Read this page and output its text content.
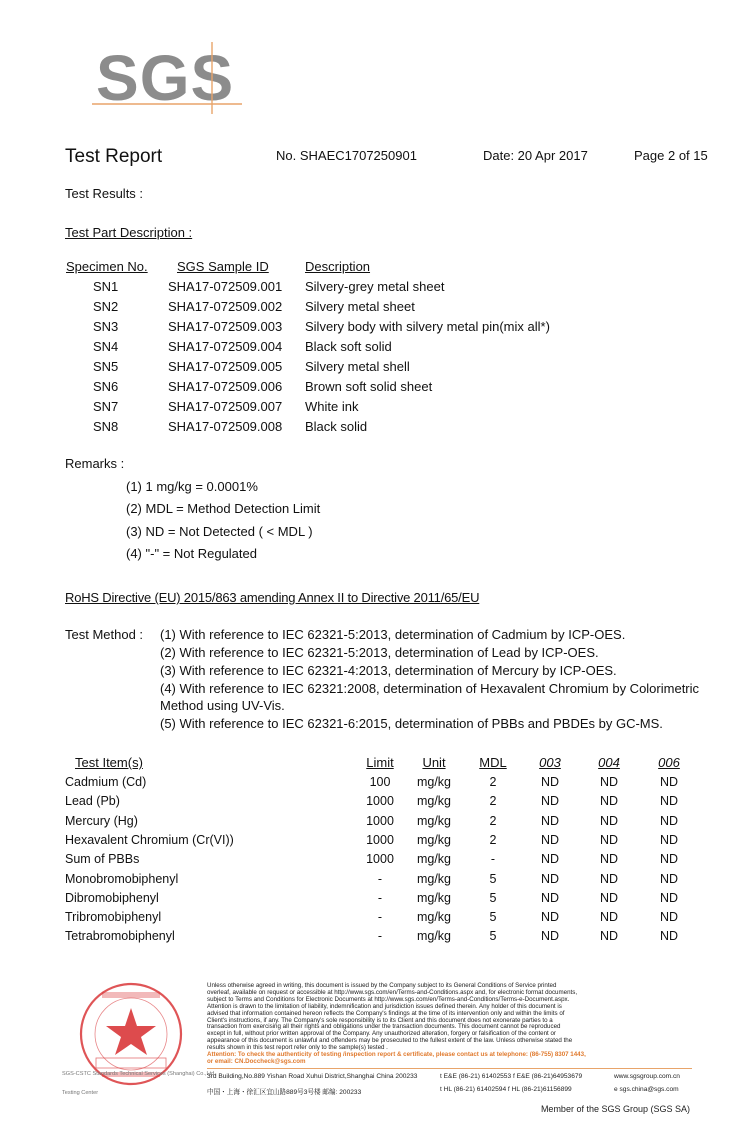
SGS
Test Report	No. SHAEC1707250901	Date: 20 Apr 2017	Page 2 of 15
Test Results :
Test Part Description :
Specimen No. SGS Sample ID	Description
SN1	SHA17-072509.001 Silvery-grey metal sheet
SN2	SHA17-072509.002 Silvery metal sheet
SN3	SHA17-072509.003 Silvery body with silvery metal pin(mix all*)
SN4	SHA17-072509.004 Black soft solid
SN5	SHA17-072509.005 Silvery metal shell
SN6	SHA17-072509.006 Brown soft solid sheet
SN7	SHA17-072509.007 White ink
SN8	SHA17-072509.008 Black solid
Remarks :
(1) 1 mg/kg = 0.0001%
(2) MDL = Method Detection Limit
(3) ND = Not Detected ( < MDL )
(4) "-" = Not Regulated
RoHS Directive (EU) 2015/863 amending Annex II to Directive 2011/65/EU
Test Method : (1) With reference to IEC 62321-5:2013, determination of Cadmium by ICP-OES.
(2) With reference to IEC 62321-5:2013, determination of Lead by ICP-OES.
(3) With reference to IEC 62321-4:2013, determination of Mercury by ICP-OES.
(4) With reference to IEC 62321:2008, determination of Hexavalent Chromium by Colorimetric
Method using UV-Vis.
(5) With reference to IEC 62321-6:2015, determination of PBBs and PBDEs by GC-MS.
Test Item(s)	Limit	Unit	MDL	003	004	006
Cadmium (Cd)	100	mg/kg	2	ND	ND	ND
Lead (Pb)	1000	mg/kg	2	ND	ND	ND
Mercury (Hg)	1000	mg/kg	2	ND	ND	ND
Hexavalent Chromium (Cr(VI))	1000	mg/kg	2	ND	ND	ND
Sum of PBBs	1000	mg/kg	-	ND	ND	ND
Monobromobiphenyl	-	mg/kg	5	ND	ND	ND
Dibromobiphenyl	-	mg/kg	5	ND	ND	ND
Tribromobiphenyl	-	mg/kg	5	ND	ND	ND
Tetrabromobiphenyl	-	mg/kg	5	ND	ND	ND
SGS-CSTC Standards Technical Services (Shanghai) Co.,Ltd.
Testing Center
Unless otherwise agreed in writing, this document is issued by the Company subject to its General Conditions of Service printed
overleaf, available on request or accessible at http://www.sgs.com/en/Terms-and-Conditions.aspx and, for electronic format documents,
subject to Terms and Conditions for Electronic Documents at http://www.sgs.com/en/Terms-and-Conditions/Terms-e-Document.aspx.
Attention is drawn to the limitation of liability, indemnification and jurisdiction issues defined therein. Any holder of this document is
advised that information contained hereon reflects the Company's findings at the time of its intervention only and within the limits of
Client's instructions, if any. The Company's sole responsibility is to its Client and this document does not exonerate parties to a
transaction from exercising all their rights and obligations under the transaction documents. This document cannot be reproduced
except in full, without prior written approval of the Company. Any unauthorized alteration, forgery or falsification of the content or
appearance of this document is unlawful and offenders may be prosecuted to the fullest extent of the law. Unless otherwise stated the
results shown in this test report refer only to the sample(s) tested .
Attention: To check the authenticity of testing /inspection report & certificate, please contact us at telephone: (86-755) 8307 1443,
or email: CN.Doccheck@sgs.com
3rd Building,No.889 Yishan Road Xuhui District,Shanghai China 200233
中国・上海・徐汇区宜山路889号3号楼 邮编: 200233
t E&E (86-21) 61402553 f E&E (86-21)64953679
t HL (86-21) 61402594 f HL (86-21)61156899
www.sgsgroup.com.cn
e sgs.china@sgs.com
Member of the SGS Group (SGS SA)
